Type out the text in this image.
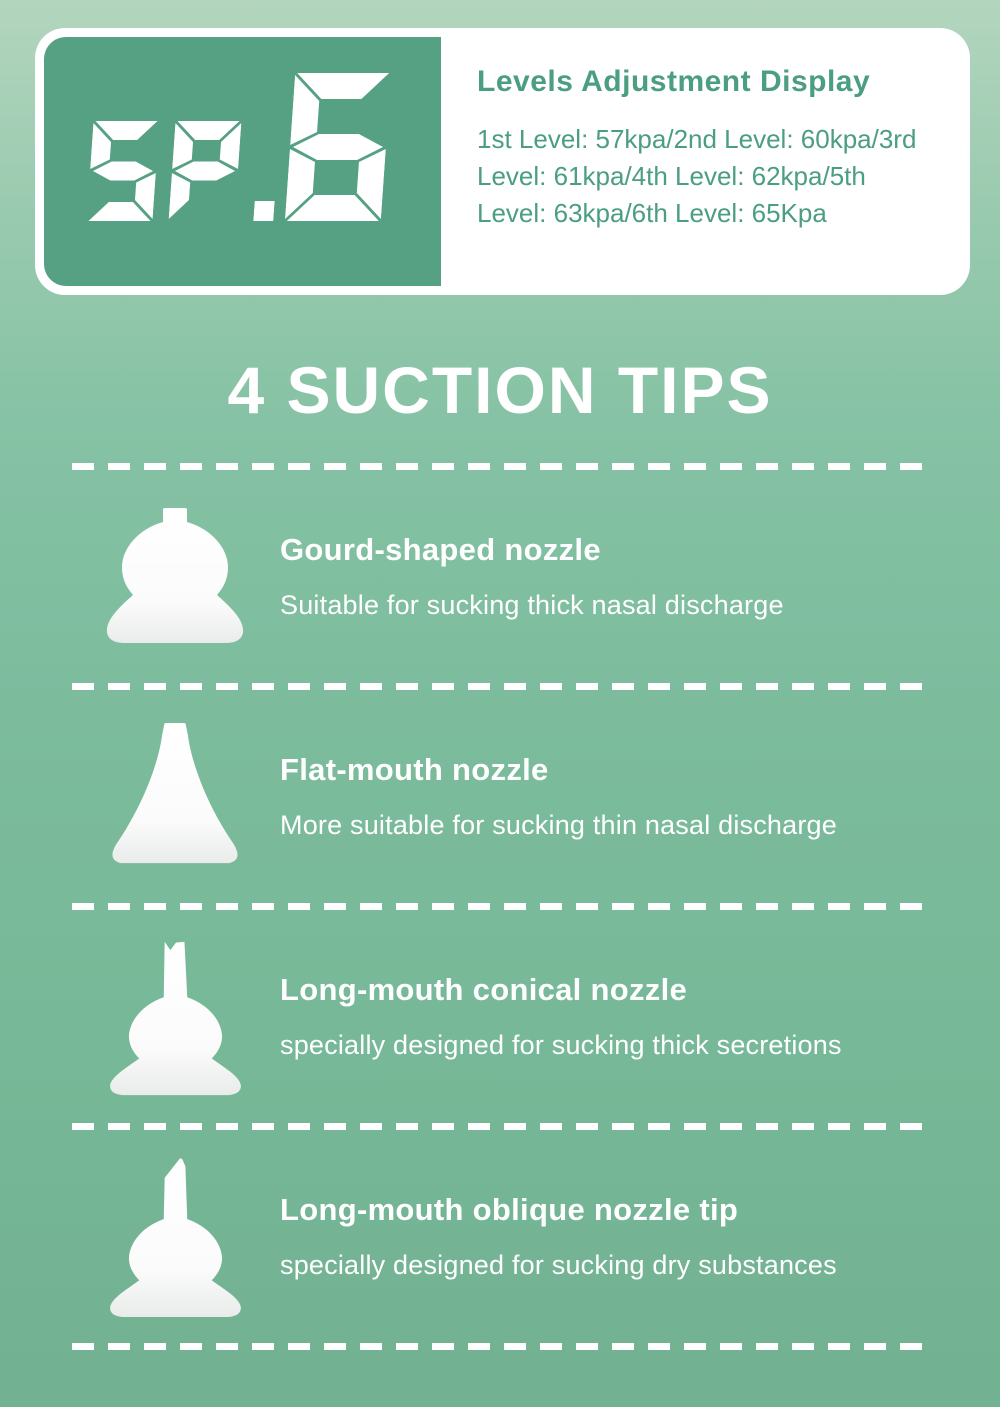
Levels Adjustment Display
1st Level: 57kpa/2nd Level: 60kpa/3rd
Level: 61kpa/4th Level: 62kpa/5th
Level: 63kpa/6th Level: 65Kpa
4 SUCTION TIPS
Gourd-shaped nozzle
Suitable for sucking thick nasal discharge
Flat-mouth nozzle
More suitable for sucking thin nasal discharge
Long-mouth conical nozzle
specially designed for sucking thick secretions
Long-mouth oblique nozzle tip
specially designed for sucking dry substances
